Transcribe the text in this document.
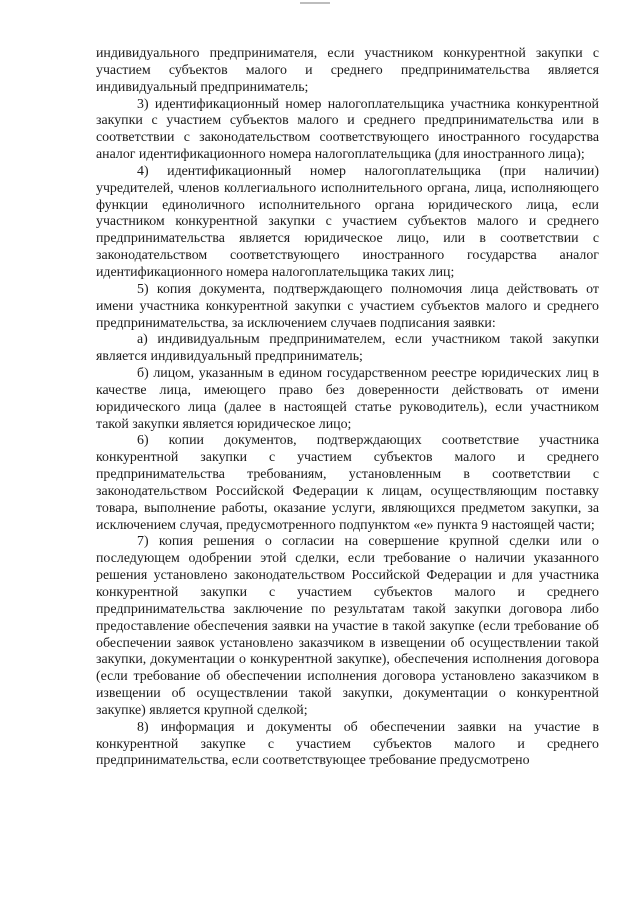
индивидуального предпринимателя, если участником конкурентной закупки с участием субъектов малого и среднего предпринимательства является индивидуальный предприниматель;

3) идентификационный номер налогоплательщика участника конкурентной закупки с участием субъектов малого и среднего предпринимательства или в соответствии с законодательством соответствующего иностранного государства аналог идентификационного номера налогоплательщика (для иностранного лица);

4) идентификационный номер налогоплательщика (при наличии) учредителей, членов коллегиального исполнительного органа, лица, исполняющего функции единоличного исполнительного органа юридического лица, если участником конкурентной закупки с участием субъектов малого и среднего предпринимательства является юридическое лицо, или в соответствии с законодательством соответствующего иностранного государства аналог идентификационного номера налогоплательщика таких лиц;

5) копия документа, подтверждающего полномочия лица действовать от имени участника конкурентной закупки с участием субъектов малого и среднего предпринимательства, за исключением случаев подписания заявки:

а) индивидуальным предпринимателем, если участником такой закупки является индивидуальный предприниматель;

б) лицом, указанным в едином государственном реестре юридических лиц в качестве лица, имеющего право без доверенности действовать от имени юридического лица (далее в настоящей статье руководитель), если участником такой закупки является юридическое лицо;

6) копии документов, подтверждающих соответствие участника конкурентной закупки с участием субъектов малого и среднего предпринимательства требованиям, установленным в соответствии с законодательством Российской Федерации к лицам, осуществляющим поставку товара, выполнение работы, оказание услуги, являющихся предметом закупки, за исключением случая, предусмотренного подпунктом «е» пункта 9 настоящей части;

7) копия решения о согласии на совершение крупной сделки или о последующем одобрении этой сделки, если требование о наличии указанного решения установлено законодательством Российской Федерации и для участника конкурентной закупки с участием субъектов малого и среднего предпринимательства заключение по результатам такой закупки договора либо предоставление обеспечения заявки на участие в такой закупке (если требование об обеспечении заявок установлено заказчиком в извещении об осуществлении такой закупки, документации о конкурентной закупке), обеспечения исполнения договора (если требование об обеспечении исполнения договора установлено заказчиком в извещении об осуществлении такой закупки, документации о конкурентной закупке) является крупной сделкой;

8) информация и документы об обеспечении заявки на участие в конкурентной закупке с участием субъектов малого и среднего предпринимательства, если соответствующее требование предусмотрено
